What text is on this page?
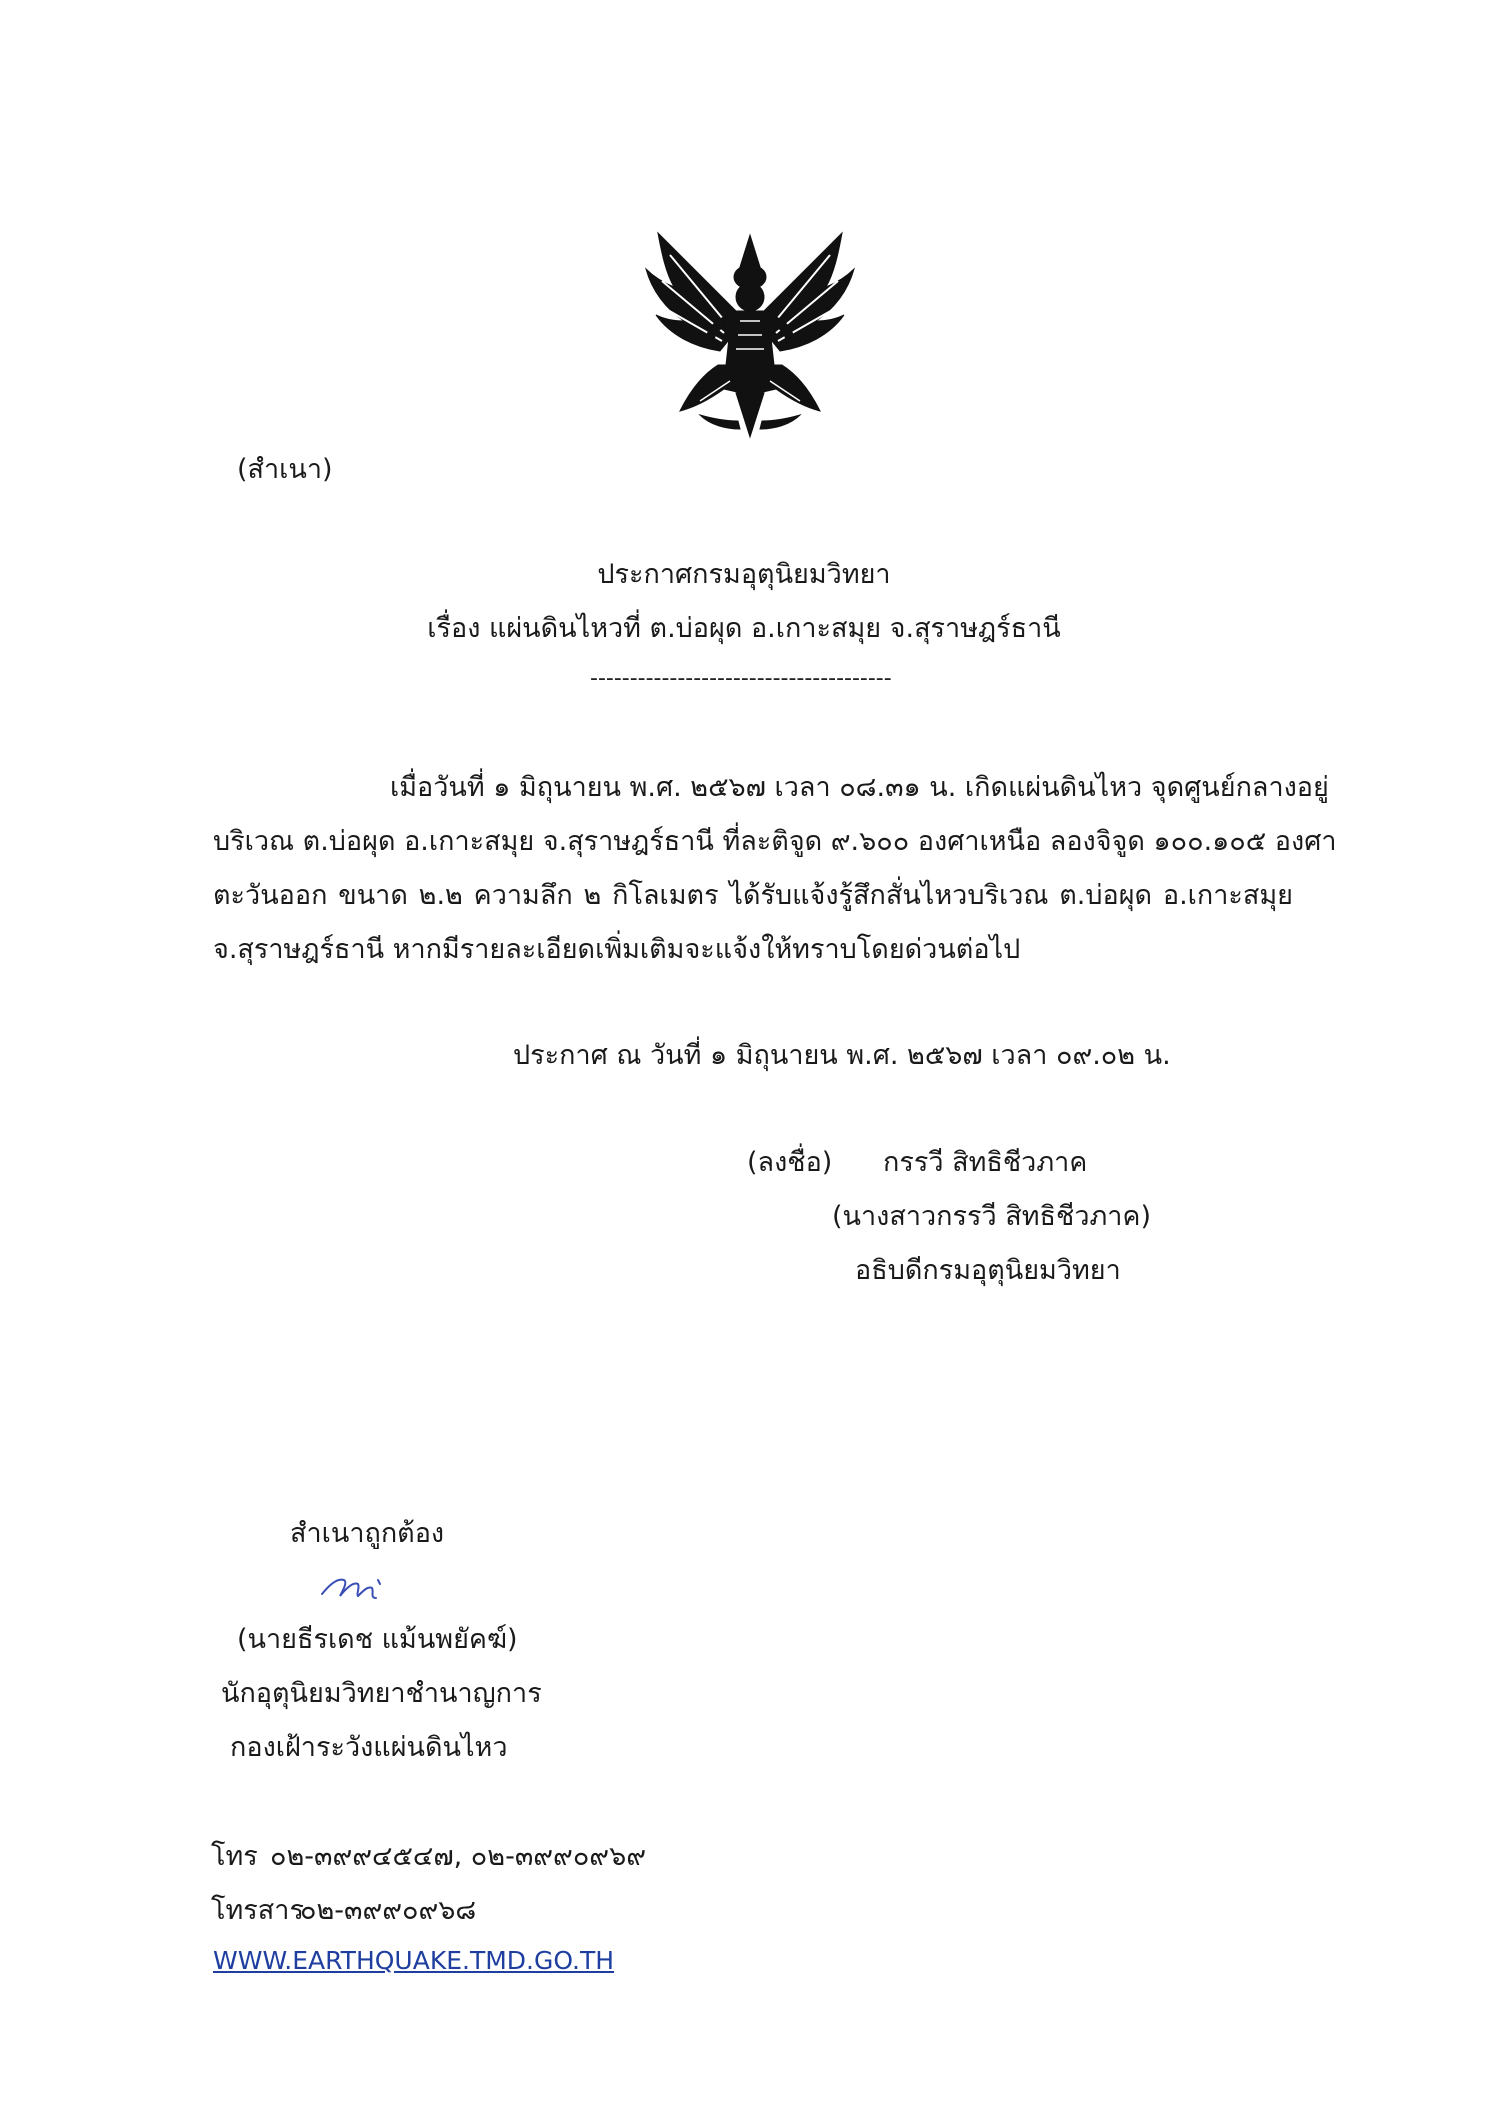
(สำเนา)
ประกาศกรมอุตุนิยมวิทยา
เรื่อง แผ่นดินไหวที่ ต.บ่อผุด อ.เกาะสมุย จ.สุราษฎร์ธานี
--------------------------------------
เมื่อวันที่ ๑ มิถุนายน พ.ศ. ๒๕๖๗ เวลา ๐๘.๓๑ น. เกิดแผ่นดินไหว จุดศูนย์กลางอยู่
บริเวณ ต.บ่อผุด อ.เกาะสมุย จ.สุราษฎร์ธานี ที่ละติจูด ๙.๖๐๐ องศาเหนือ ลองจิจูด ๑๐๐.๑๐๕ องศา
ตะวันออก ขนาด ๒.๒ ความลึก ๒ กิโลเมตร ได้รับแจ้งรู้สึกสั่นไหวบริเวณ ต.บ่อผุด อ.เกาะสมุย
จ.สุราษฎร์ธานี หากมีรายละเอียดเพิ่มเติมจะแจ้งให้ทราบโดยด่วนต่อไป
ประกาศ ณ วันที่ ๑ มิถุนายน พ.ศ. ๒๕๖๗ เวลา ๐๙.๐๒ น.
(ลงชื่อ) กรรวี สิทธิชีวภาค
(นางสาวกรรวี สิทธิชีวภาค)
อธิบดีกรมอุตุนิยมวิทยา
สำเนาถูกต้อง
(นายธีรเดช แม้นพยัคฆ์)
นักอุตุนิยมวิทยาชำนาญการ
กองเฝ้าระวังแผ่นดินไหว
โทร ๐๒-๓๙๙๔๕๔๗, ๐๒-๓๙๙๐๙๖๙
โทรสาร
๐๒-๓๙๙๐๙๖๘
WWW.EARTHQUAKE.TMD.GO.TH
